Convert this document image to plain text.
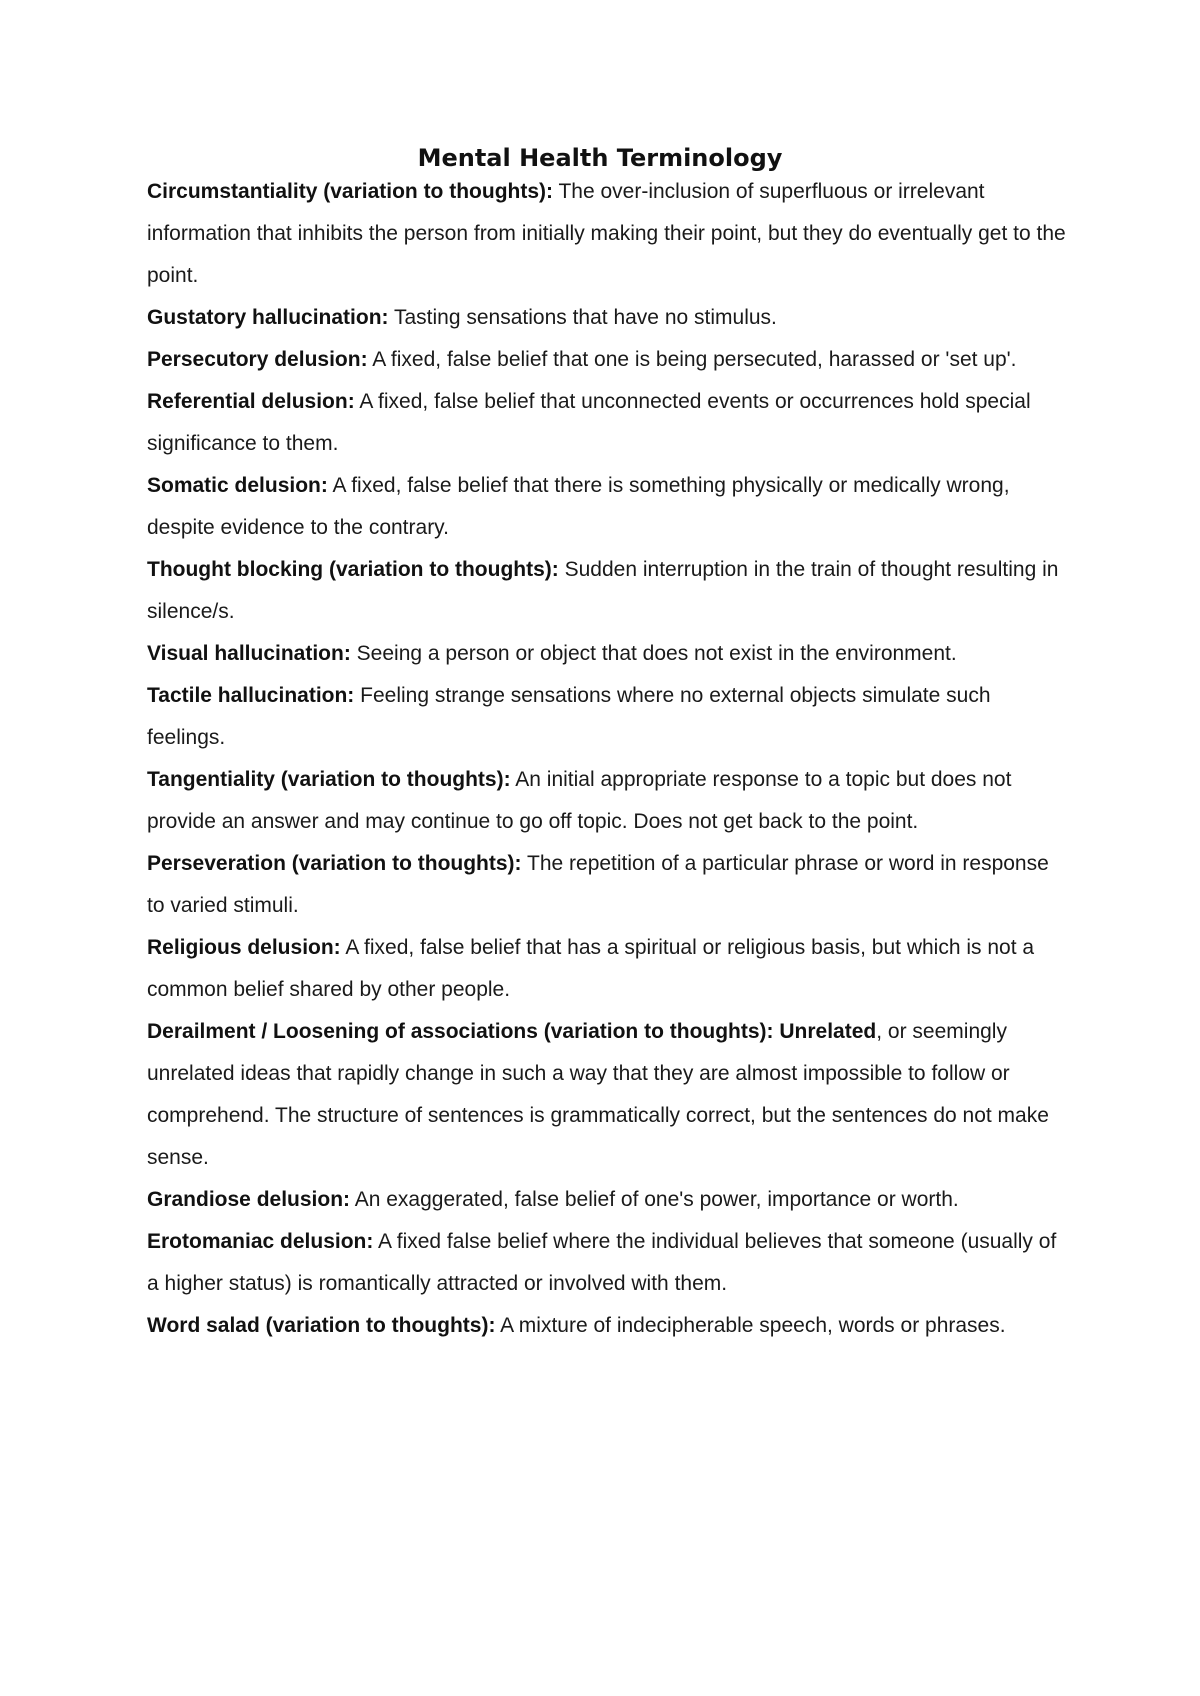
Mental Health Terminology
Circumstantiality (variation to thoughts): The over-inclusion of superfluous or irrelevant information that inhibits the person from initially making their point, but they do eventually get to the point.
Gustatory hallucination: Tasting sensations that have no stimulus.
Persecutory delusion: A fixed, false belief that one is being persecuted, harassed or 'set up'.
Referential delusion: A fixed, false belief that unconnected events or occurrences hold special significance to them.
Somatic delusion: A fixed, false belief that there is something physically or medically wrong, despite evidence to the contrary.
Thought blocking (variation to thoughts): Sudden interruption in the train of thought resulting in silence/s.
Visual hallucination: Seeing a person or object that does not exist in the environment.
Tactile hallucination: Feeling strange sensations where no external objects simulate such feelings.
Tangentiality (variation to thoughts): An initial appropriate response to a topic but does not provide an answer and may continue to go off topic. Does not get back to the point.
Perseveration (variation to thoughts): The repetition of a particular phrase or word in response to varied stimuli.
Religious delusion: A fixed, false belief that has a spiritual or religious basis, but which is not a common belief shared by other people.
Derailment / Loosening of associations (variation to thoughts): Unrelated, or seemingly unrelated ideas that rapidly change in such a way that they are almost impossible to follow or comprehend. The structure of sentences is grammatically correct, but the sentences do not make sense.
Grandiose delusion: An exaggerated, false belief of one's power, importance or worth.
Erotomaniac delusion: A fixed false belief where the individual believes that someone (usually of a higher status) is romantically attracted or involved with them.
Word salad (variation to thoughts): A mixture of indecipherable speech, words or phrases.
